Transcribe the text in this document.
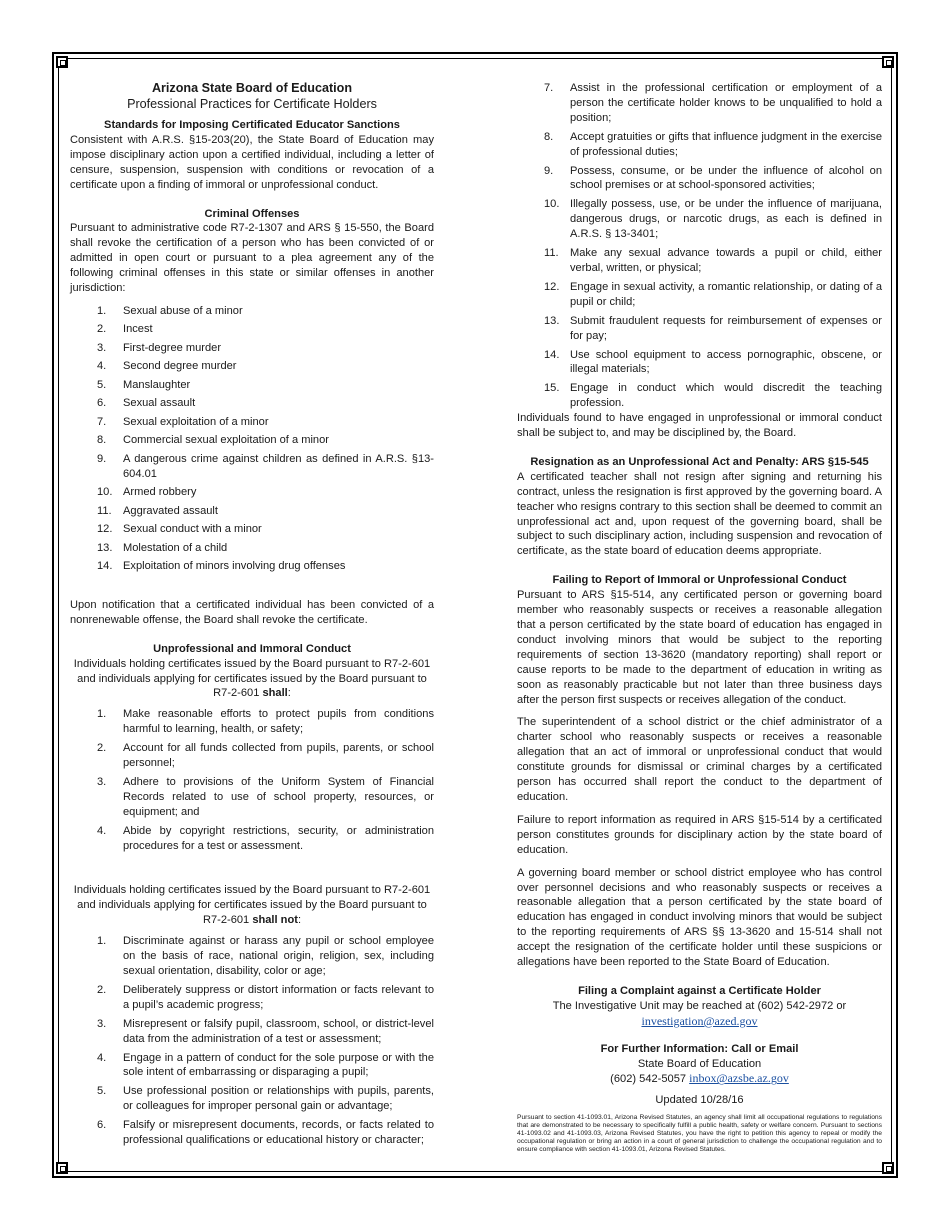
Arizona State Board of Education

Professional Practices for Certificate Holders

Standards for Imposing Certificated Educator Sanctions

Consistent with A.R.S. §15-203(20), the State Board of Education may impose disciplinary action upon a certified individual, including a letter of censure, suspension, suspension with conditions or revocation of a certificate upon a finding of immoral or unprofessional conduct.

Criminal Offenses

Pursuant to administrative code R7-2-1307 and ARS § 15-550, the Board shall revoke the certification of a person who has been convicted of or admitted in open court or pursuant to a plea agreement any of the following criminal offenses in this state or similar offenses in another jurisdiction:

1.	Sexual abuse of a minor
2.	Incest
3.	First-degree murder
4.	Second degree murder
5.	Manslaughter
6.	Sexual assault
7.	Sexual exploitation of a minor
8.	Commercial sexual exploitation of a minor
9.	A dangerous crime against children as defined in A.R.S. §13-604.01
10. Armed robbery
11.	Aggravated assault
12. Sexual conduct with a minor
13. Molestation of a child
14. Exploitation of minors involving drug offenses

Upon notification that a certificated individual has been convicted of a nonrenewable offense, the Board shall revoke the certificate.

Unprofessional and Immoral Conduct

Individuals holding certificates issued by the Board pursuant to R7-2-601 and individuals applying for certificates issued by the Board pursuant to R7-2-601 shall:

1.	Make reasonable efforts to protect pupils from conditions harmful to learning, health, or safety;
2.	Account for all funds collected from pupils, parents, or school personnel;
3.	Adhere to provisions of the Uniform System of Financial Records related to use of school property, resources, or equipment; and
4.	Abide by copyright restrictions, security, or administration procedures for a test or assessment.

Individuals holding certificates issued by the Board pursuant to R7-2-601 and individuals applying for certificates issued by the Board pursuant to R7-2-601 shall not:

1.	Discriminate against or harass any pupil or school employee on the basis of race, national origin, religion, sex, including sexual orientation, disability, color or age;
2.	Deliberately suppress or distort information or facts relevant to a pupil’s academic progress;
3.	Misrepresent or falsify pupil, classroom, school, or district-level data from the administration of a test or assessment;
4.	Engage in a pattern of conduct for the sole purpose or with the sole intent of embarrassing or disparaging a pupil;
5.	Use professional position or relationships with pupils, parents, or colleagues for improper personal gain or advantage;
6.	Falsify or misrepresent documents, records, or facts related to professional qualifications or educational history or character;
7.	Assist in the professional certification or employment of a person the certificate holder knows to be unqualified to hold a position;
8.	Accept gratuities or gifts that influence judgment in the exercise of professional duties;
9.	Possess, consume, or be under the influence of alcohol on school premises or at school-sponsored activities;
10. Illegally possess, use, or be under the influence of marijuana, dangerous drugs, or narcotic drugs, as each is defined in A.R.S. § 13-3401;
11.	Make any sexual advance towards a pupil or child, either verbal, written, or physical;
12. Engage in sexual activity, a romantic relationship, or dating of a pupil or child;
13. Submit fraudulent requests for reimbursement of expenses or for pay;
14. Use school equipment to access pornographic, obscene, or illegal materials;
15. Engage in conduct which would discredit the teaching profession.

Individuals found to have engaged in unprofessional or immoral conduct shall be subject to, and may be disciplined by, the Board.

Resignation as an Unprofessional Act and Penalty: ARS §15-545

A certificated teacher shall not resign after signing and returning his contract, unless the resignation is first approved by the governing board. A teacher who resigns contrary to this section shall be deemed to commit an unprofessional act and, upon request of the governing board, shall be subject to such disciplinary action, including suspension and revocation of certificate, as the state board of education deems appropriate.

Failing to Report of Immoral or Unprofessional Conduct

Pursuant to ARS §15-514, any certificated person or governing board member who reasonably suspects or receives a reasonable allegation that a person certificated by the state board of education has engaged in conduct involving minors that would be subject to the reporting requirements of section 13-3620 (mandatory reporting) shall report or cause reports to be made to the department of education in writing as soon as reasonably practicable but not later than three business days after the person first suspects or receives allegation of the conduct.

The superintendent of a school district or the chief administrator of a charter school who reasonably suspects or receives a reasonable allegation that an act of immoral or unprofessional conduct that would constitute grounds for dismissal or criminal charges by a certificated person has occurred shall report the conduct to the department of education.

Failure to report information as required in ARS §15-514 by a certificated person constitutes grounds for disciplinary action by the state board of education.

A governing board member or school district employee who has control over personnel decisions and who reasonably suspects or receives a reasonable allegation that a person certificated by the state board of education has engaged in conduct involving minors that would be subject to the reporting requirements of ARS §§ 13-3620 and 15-514 shall not accept the resignation of the certificate holder until these suspicions or allegations have been reported to the State Board of Education.

Filing a Complaint against a Certificate Holder

The Investigative Unit may be reached at (602) 542-2972 or

investigation@azed.gov

For Further Information: Call or Email

State Board of Education

(602) 542-5057 inbox@azsbe.az.gov

Updated 10/28/16

Pursuant to section 41-1093.01, Arizona Revised Statutes, an agency shall limit all occupational regulations to regulations that are demonstrated to be necessary to specifically fulfill a public health, safety or welfare concern. Pursuant to sections 41-1093.02 and 41-1093.03, Arizona Revised Statutes, you have the right to petition this agency to repeal or modify the occupational regulation or bring an action in a court of general jurisdiction to challenge the occupational regulation and to ensure compliance with section 41-1093.01, Arizona Revised Statutes.
